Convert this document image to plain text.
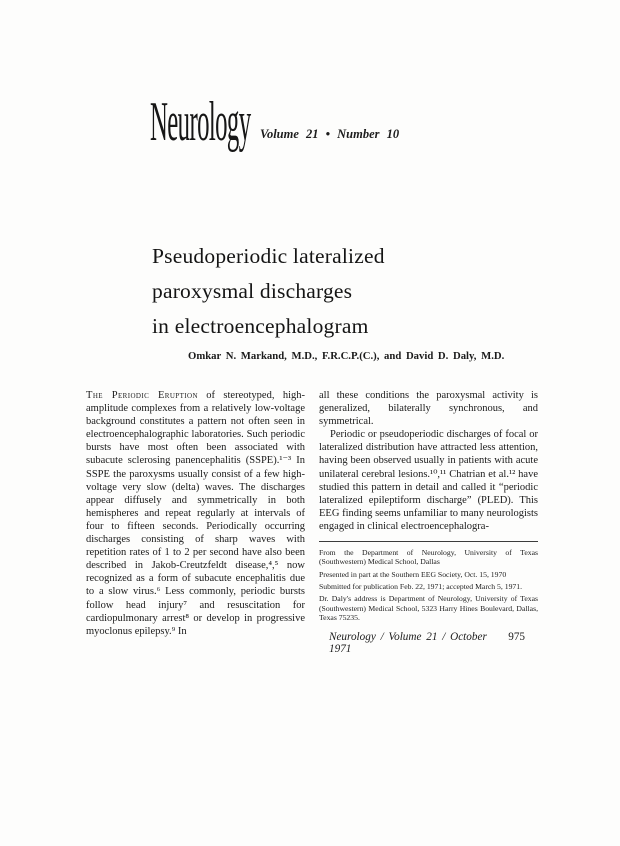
Neurology Volume 21 • Number 10
Pseudoperiodic lateralized
paroxysmal discharges
in electroencephalogram
Omkar N. Markand, M.D., F.R.C.P.(C.), and David D. Daly, M.D.

The Periodic Eruption of stereotyped, high-amplitude complexes from a relatively low-voltage background constitutes a pattern not often seen in electroencephalographic laboratories. Such periodic bursts have most often been associated with subacute sclerosing panencephalitis (SSPE).¹⁻³ In SSPE the paroxysms usually consist of a few high-voltage very slow (delta) waves. The discharges appear diffusely and symmetrically in both hemispheres and repeat regularly at intervals of four to fifteen seconds. Periodically occurring discharges consisting of sharp waves with repetition rates of 1 to 2 per second have also been described in Jakob-Creutzfeldt disease,⁴,⁵ now recognized as a form of subacute encephalitis due to a slow virus.⁶ Less commonly, periodic bursts follow head injury⁷ and resuscitation for cardiopulmonary arrest⁸ or develop in progressive myoclonus epilepsy.⁹ In

all these conditions the paroxysmal activity is generalized, bilaterally synchronous, and symmetrical.

Periodic or pseudoperiodic discharges of focal or lateralized distribution have attracted less attention, having been observed usually in patients with acute unilateral cerebral lesions.¹⁰,¹¹ Chatrian et al.¹² have studied this pattern in detail and called it “periodic lateralized epileptiform discharge” (PLED). This EEG finding seems unfamiliar to many neurologists engaged in clinical electroencephalogra-

From the Department of Neurology, University of Texas (Southwestern) Medical School, Dallas

Presented in part at the Southern EEG Society, Oct. 15, 1970

Submitted for publication Feb. 22, 1971; accepted March 5, 1971.

Dr. Daly's address is Department of Neurology, University of Texas (Southwestern) Medical School, 5323 Harry Hines Boulevard, Dallas, Texas 75235.

Neurology / Volume 21 / October 1971
975
